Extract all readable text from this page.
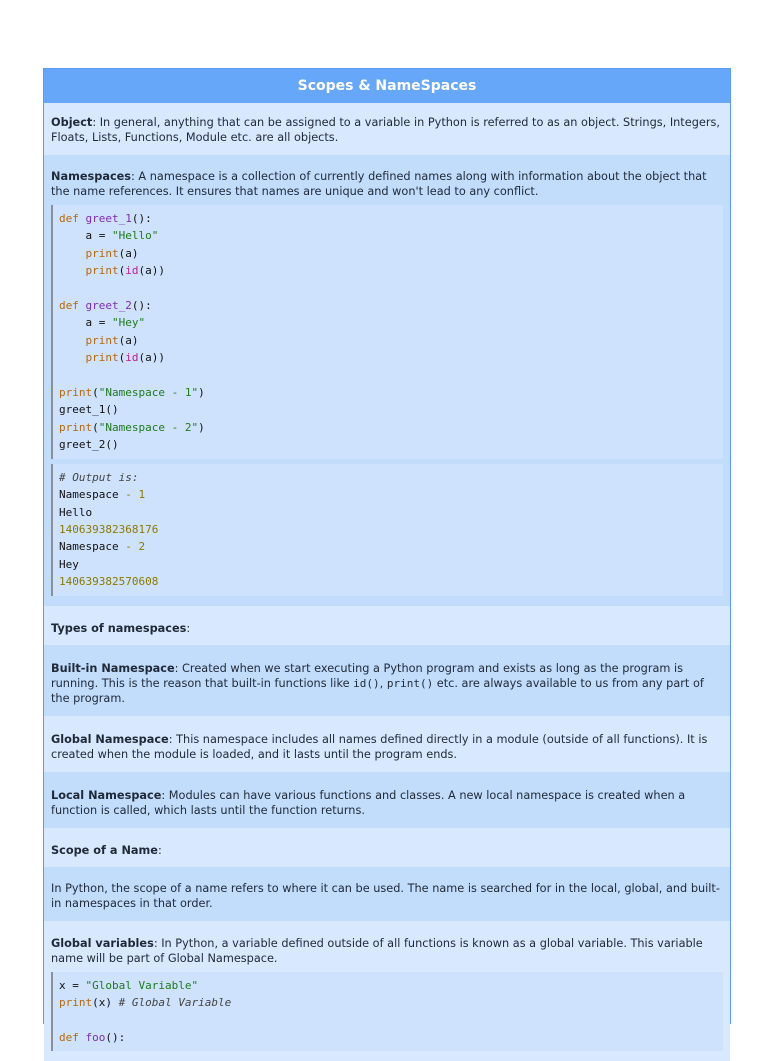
Scopes & NameSpaces

Object: In general, anything that can be assigned to a variable in Python is referred to as an object. Strings, Integers, Floats, Lists, Functions, Module etc. are all objects.

Namespaces: A namespace is a collection of currently defined names along with information about the object that the name references. It ensures that names are unique and won't lead to any conflict.

def greet_1():
a = "Hello"
print(a)
print(id(a))

def greet_2():
a = "Hey"
print(a)
print(id(a))

print("Namespace - 1")
greet_1()
print("Namespace - 2")
greet_2()
# Output is:
Namespace - 1
Hello
140639382368176
Namespace - 2
Hey
140639382570608

Types of namespaces:

Built-in Namespace: Created when we start executing a Python program and exists as long as the program is running. This is the reason that built-in functions like id(), print() etc. are always available to us from any part of the program.

Global Namespace: This namespace includes all names defined directly in a module (outside of all functions). It is created when the module is loaded, and it lasts until the program ends.

Local Namespace: Modules can have various functions and classes. A new local namespace is created when a function is called, which lasts until the function returns.

Scope of a Name:

In Python, the scope of a name refers to where it can be used. The name is searched for in the local, global, and built-in namespaces in that order.

Global variables: In Python, a variable defined outside of all functions is known as a global variable. This variable name will be part of Global Namespace.

x = "Global Variable"
print(x) # Global Variable

def foo():
